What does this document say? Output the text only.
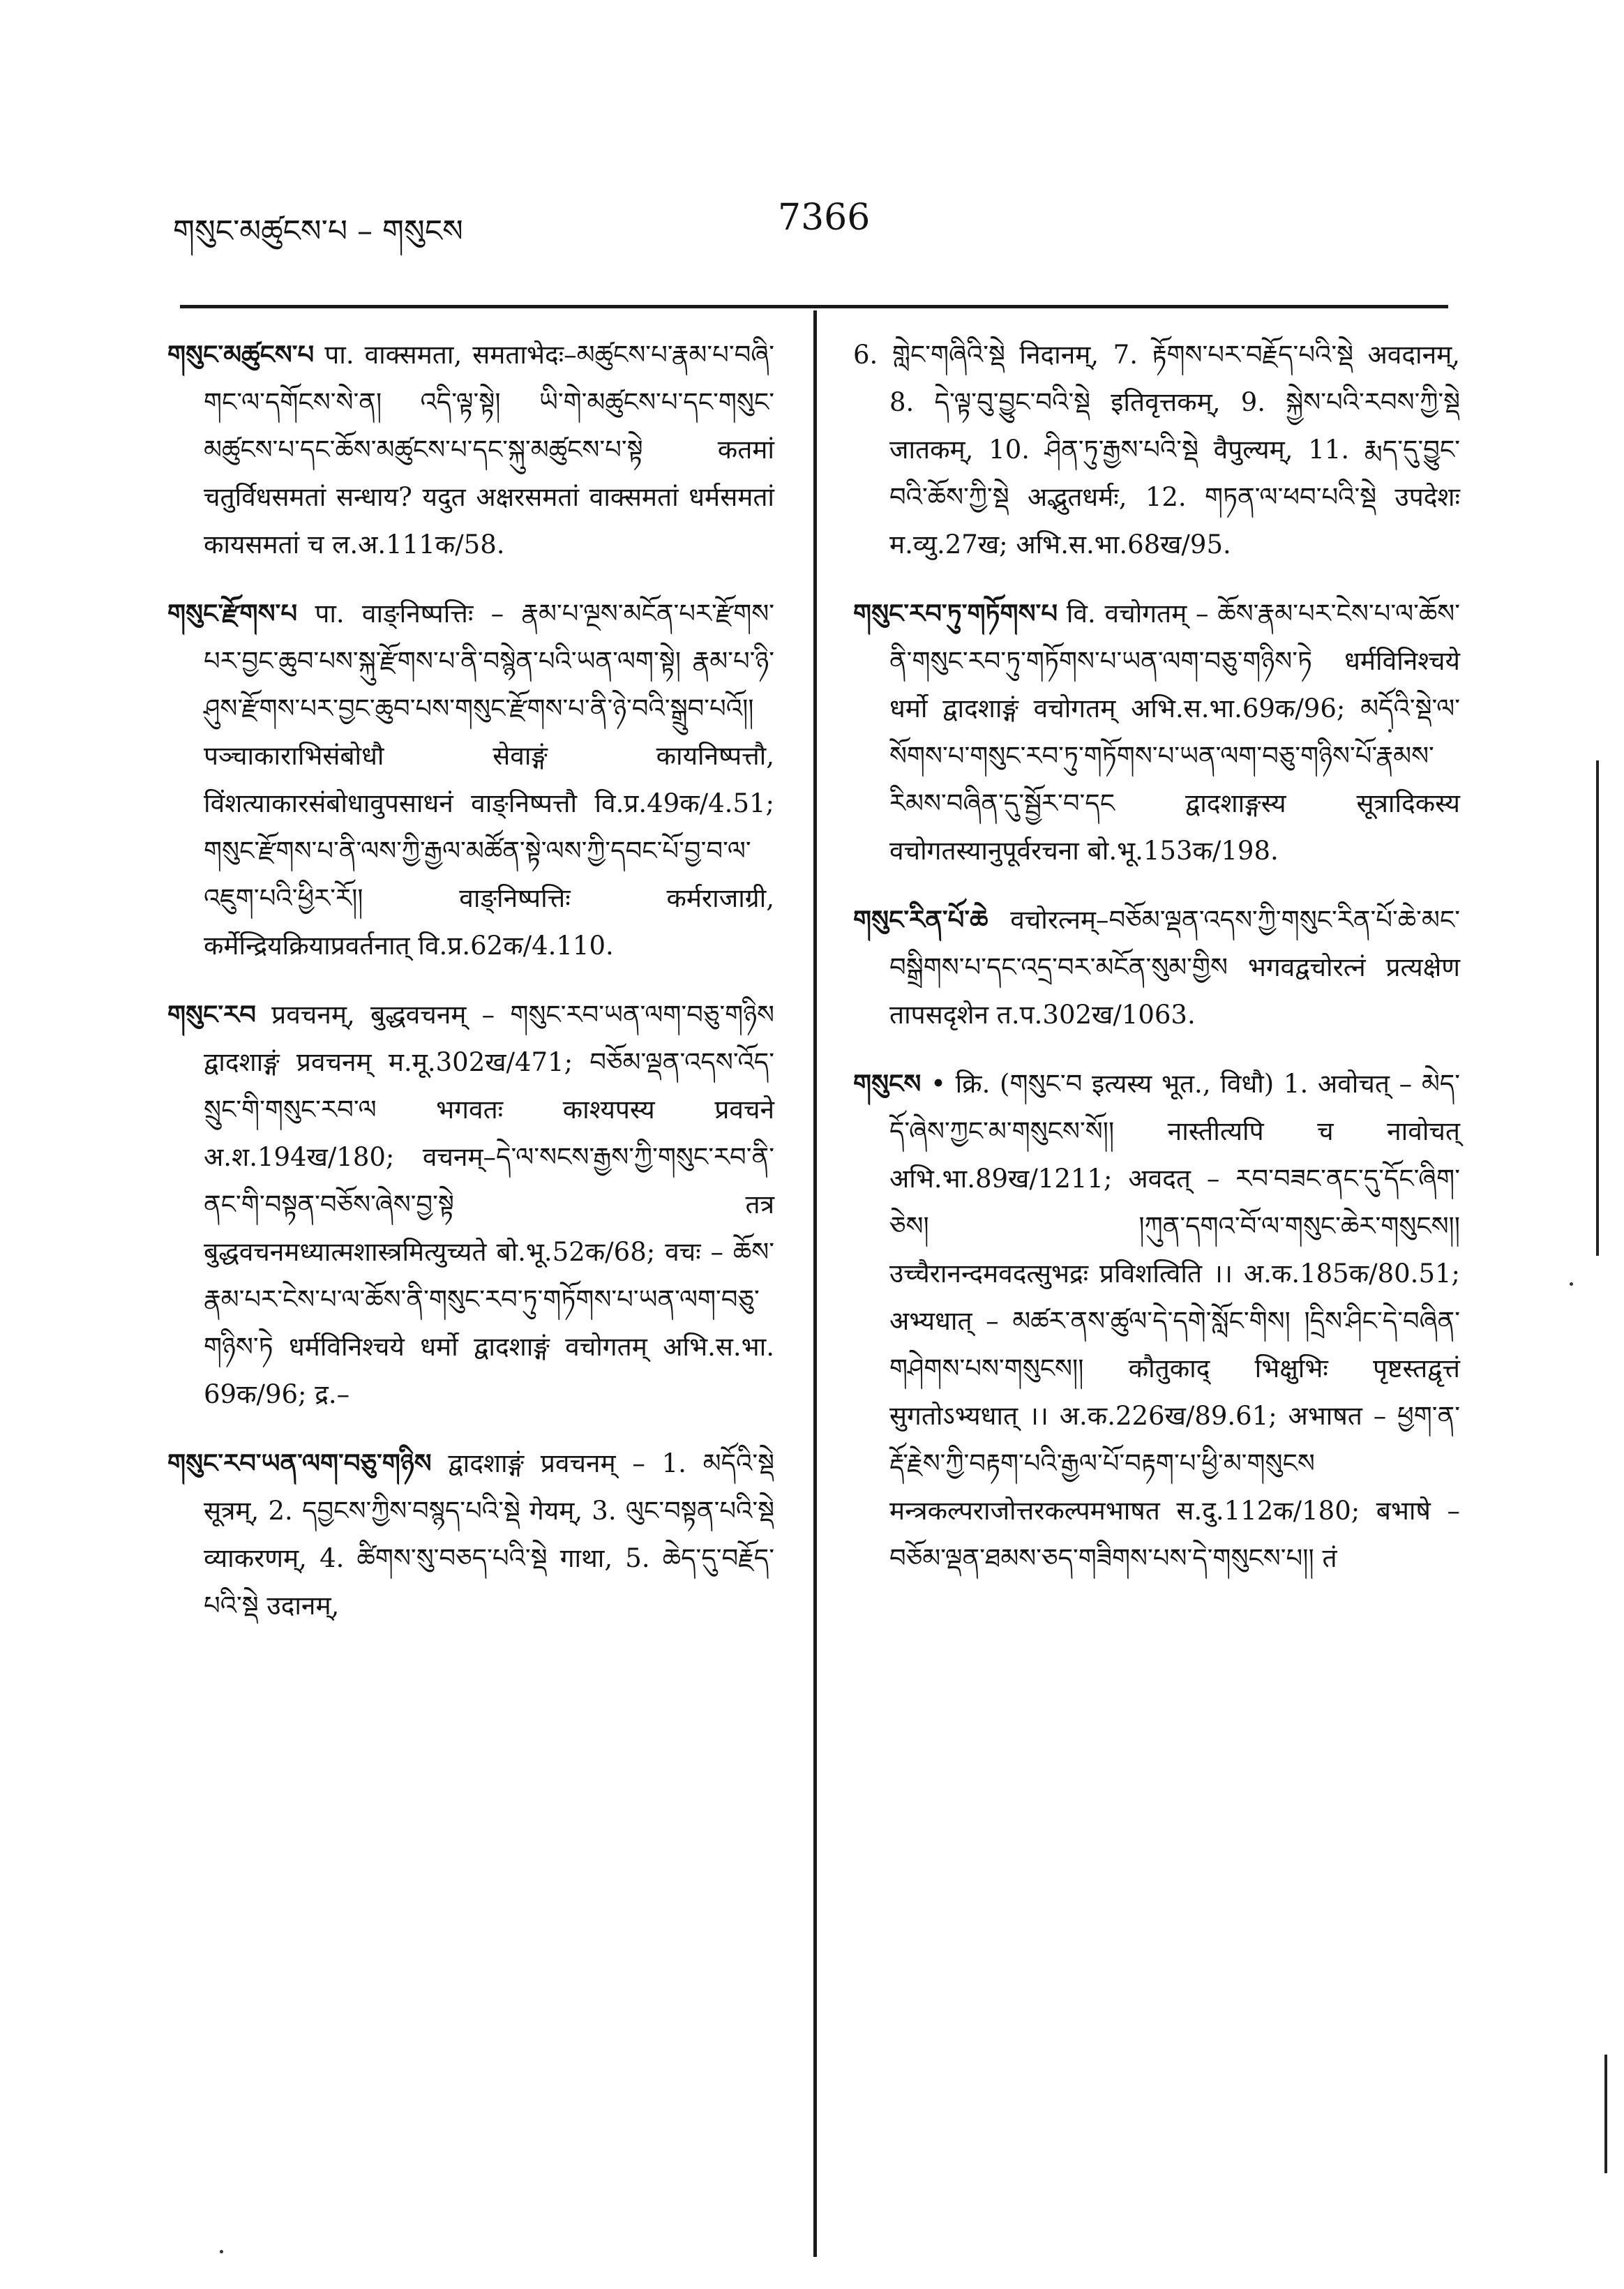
གསུང་མཚུངས་པ – གསུངས	7366

གསུང་མཚུངས་པ पा. वाक्समता, समताभेदः–མཚུངས་པ་རྣམ་པ་བཞི་གང་ལ་དགོངས་སེ་ན། འདི་ལྟ་སྟེ། ཡི་གེ་མཚུངས་པ་དང་གསུང་མཚུངས་པ་དང་ཆོས་མཚུངས་པ་དང་སྐུ་མཚུངས་པ་སྟེ कतमां चतुर्विधसमतां सन्धाय? यदुत अक्षरसमतां वाक्समतां धर्मसमतां कायसमतां च ल.अ.111क/58.

གསུང་རྫོགས་པ पा. वाङ्निष्पत्तिः – རྣམ་པ་ལྔས་མངོན་པར་རྫོགས་པར་བྱང་ཆུབ་པས་སྐུ་རྫོགས་པ་ནི་བསྙེན་པའི་ཡན་ལག་སྟེ། རྣམ་པ་ཉི་ཤུས་རྫོགས་པར་བྱང་ཆུབ་པས་གསུང་རྫོགས་པ་ནི་ཉེ་བའི་སྒྲུབ་པའོ།། पञ्चाकाराभिसंबोधौ सेवाङ्गं कायनिष्पत्तौ, विंशत्याकारसंबोधावुपसाधनं वाङ्निष्पत्तौ वि.प्र.49क/4.51; གསུང་རྫོགས་པ་ནི་ལས་ཀྱི་རྒྱལ་མཚོན་སྟེ་ལས་ཀྱི་དབང་པོ་བྱ་བ་ལ་འཇུག་པའི་ཕྱིར་རོ།། वाङ्निष्पत्तिः कर्मराजाग्री, कर्मेन्द्रियक्रियाप्रवर्तनात् वि.प्र.62क/4.110.

གསུང་རབ प्रवचनम्, बुद्धवचनम् – གསུང་རབ་ཡན་ལག་བཅུ་གཉིས द्वादशाङ्गं प्रवचनम् म.मू.302ख/471; བཅོམ་ལྡན་འདས་འོད་སྲུང་གི་གསུང་རབ་ལ भगवतः काश्यपस्य प्रवचने अ.श.194ख/180; वचनम्–དེ་ལ་སངས་རྒྱས་ཀྱི་གསུང་རབ་ནི་ནང་གི་བསྟན་བཅོས་ཞེས་བྱ་སྟེ तत्र बुद्धवचनमध्यात्मशास्त्रमित्युच्यते बो.भू.52क/68; वचः – ཆོས་རྣམ་པར་ངེས་པ་ལ་ཆོས་ནི་གསུང་རབ་ཏུ་གཏོགས་པ་ཡན་ལག་བཅུ་གཉིས་ཏེ धर्मविनिश्चये धर्मो द्वादशाङ्गं वचोगतम् अभि.स.भा. 69क/96; द्र.–

གསུང་རབ་ཡན་ལག་བཅུ་གཉིས द्वादशाङ्गं प्रवचनम् – 1. མདོའི་སྡེ सूत्रम्, 2. དབྱངས་ཀྱིས་བསྙད་པའི་སྡེ गेयम्, 3. ལུང་བསྟན་པའི་སྡེ व्याकरणम्, 4. ཚིགས་སུ་བཅད་པའི་སྡེ गाथा, 5. ཆེད་དུ་བརྗོད་པའི་སྡེ उदानम्,

6. གླེང་གཞིའི་སྡེ निदानम्, 7. རྟོགས་པར་བརྗོད་པའི་སྡེ अवदानम्, 8. དེ་ལྟ་བུ་བྱུང་བའི་སྡེ इतिवृत्तकम्, 9. སྐྱེས་པའི་རབས་ཀྱི་སྡེ जातकम्, 10. ཤིན་ཏུ་རྒྱས་པའི་སྡེ वैपुल्यम्, 11. རྨད་དུ་བྱུང་བའི་ཆོས་ཀྱི་སྡེ अद्भुतधर्मः, 12. གཏན་ལ་ཕབ་པའི་སྡེ उपदेशः म.व्यु.27ख; अभि.स.भा.68ख/95.

གསུང་རབ་ཏུ་གཏོགས་པ वि. वचोगतम् – ཆོས་རྣམ་པར་ངེས་པ་ལ་ཆོས་ནི་གསུང་རབ་ཏུ་གཏོགས་པ་ཡན་ལག་བཅུ་གཉིས་ཏེ धर्मविनिश्चये धर्मो द्वादशाङ्गं वचोगतम् अभि.स.भा.69क/96; མདོའི་སྡེ་ལ་སོགས་པ་གསུང་རབ་ཏུ་གཏོགས་པ་ཡན་ལག་བཅུ་གཉིས་པོ་རྣམས་རིམས་བཞིན་དུ་སྦྱོར་བ་དང द्वादशाङ्गस्य सूत्रादिकस्य वचोगतस्यानुपूर्वरचना बो.भू.153क/198.

གསུང་རིན་པོ་ཆེ वचोरत्नम्–བཅོམ་ལྡན་འདས་ཀྱི་གསུང་རིན་པོ་ཆེ་མང་བསྒྲིགས་པ་དང་འདྲ་བར་མངོན་སུམ་གྱིས भगवद्वचोरत्नं प्रत्यक्षेण तापसदृशेन त.प.302ख/1063.

གསུངས • क्रि. (གསུང་བ इत्यस्य भूत., विधौ) 1. अवोचत् – མེད་དོ་ཞེས་ཀྱང་མ་གསུངས་སོ།། नास्तीत्यपि च नावोचत् अभि.भा.89ख/1211; अवदत् – རབ་བཟང་ནང་དུ་དོང་ཞིག་ཅེས། །ཀུན་དགའ་བོ་ལ་གསུང་ཆེར་གསུངས།། उच्चैरानन्दमवदत्सुभद्रः प्रविशत्विति ।। अ.क.185क/80.51; अभ्यधात् – མཚར་ནས་ཚུལ་དེ་དགེ་སློང་གིས། །དྲིས་ཤིང་དེ་བཞིན་གཤེགས་པས་གསུངས།། कौतुकाद् भिक्षुभिः पृष्टस्तद्वृत्तं सुगतोऽभ्यधात् ।। अ.क.226ख/89.61; अभाषत – ཕྱག་ན་རྡོ་རྗེས་ཀྱི་བརྟག་པའི་རྒྱལ་པོ་བརྟག་པ་ཕྱི་མ་གསུངས मन्त्रकल्पराजोत्तरकल्पमभाषत स.दु.112क/180; बभाषे – བཅོམ་ལྡན་ཐམས་ཅད་གཟིགས་པས་དེ་གསུངས་པ།། तं
